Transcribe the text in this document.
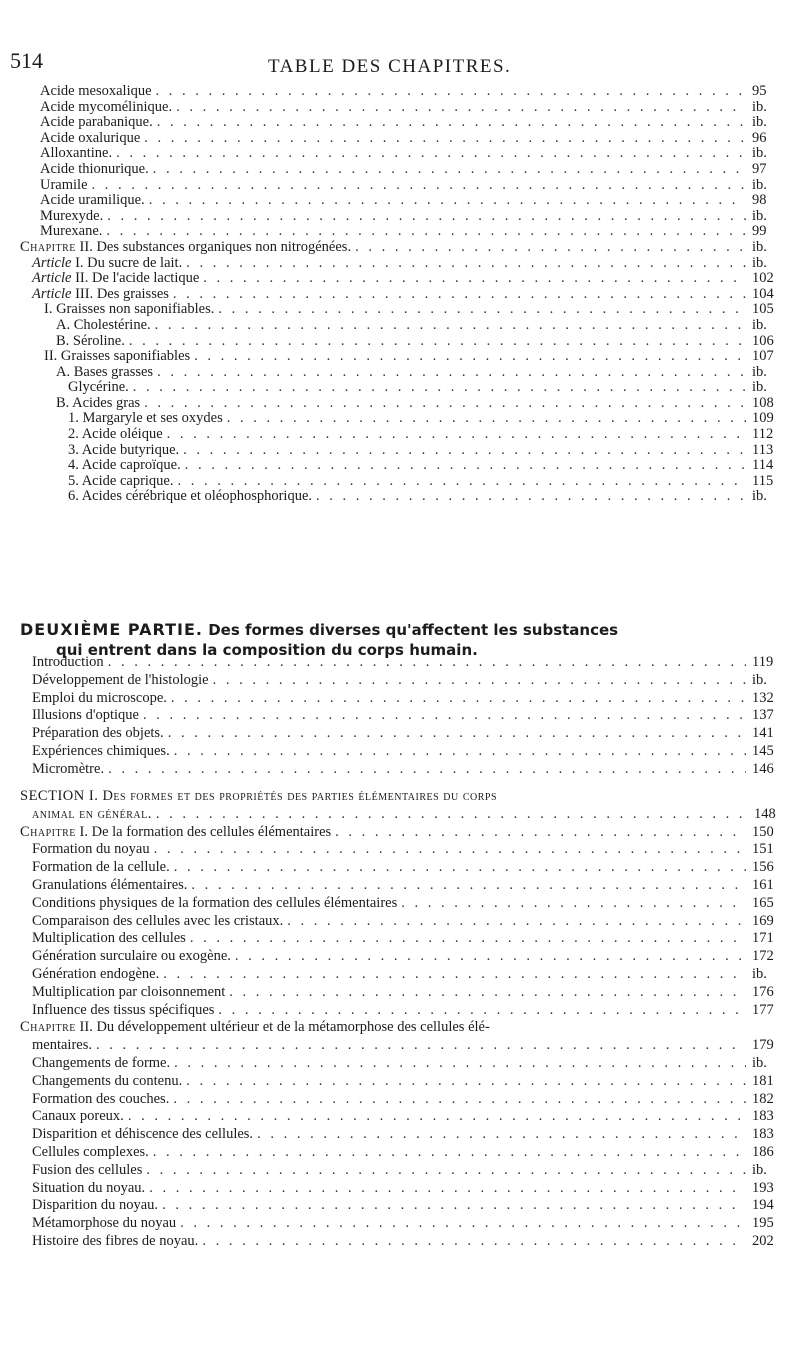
514	TABLE DES CHAPITRES.
Acide mesoxalique . . .	95
Acide mycomélinique. . . .	ib.
Acide parabanique. . . .	ib.
Acide oxalurique . . .	96
Alloxantine. . . .	ib.
Acide thionurique. . . .	97
Uramile . . .	ib.
Acide uramilique. . . .	98
Murexyde. . . .	ib.
Murexane. . . .	99
Chapitre II. Des substances organiques non nitrogénées. . . .	ib.
Article I. Du sucre de lait. . . .	ib.
Article II. De l'acide lactique . . .	102
Article III. Des graisses . . .	104
I. Graisses non saponifiables. . . .	105
A. Cholestérine. . . .	ib.
B. Séroline. . . .	106
II. Graisses saponifiables . . .	107
A. Bases grasses . . .	ib.
Glycérine. . . .	ib.
B. Acides gras . . .	108
1. Margaryle et ses oxydes . . .	109
2. Acide oléique . . .	112
3. Acide butyrique. . . .	113
4. Acide caproïque. . . .	114
5. Acide caprique. . . .	115
6. Acides cérébrique et oléophosphorique. . . .	ib.
DEUXIÈME PARTIE. Des formes diverses qu'affectent les substances
qui entrent dans la composition du corps humain.
Introduction . . .	119
Développement de l'histologie . . .	ib.
Emploi du microscope. . . .	132
Illusions d'optique . . .	137
Préparation des objets. . . .	141
Expériences chimiques. . . .	145
Micromètre. . . .	146
SECTION I. Des formes et des propriétés des parties élémentaires du corps
animal en général. . . .	148
Chapitre I. De la formation des cellules élémentaires . . .	150
Formation du noyau . . .	151
Formation de la cellule. . . .	156
Granulations élémentaires. . . .	161
Conditions physiques de la formation des cellules élémentaires . . .	165
Comparaison des cellules avec les cristaux. . . .	169
Multiplication des cellules . . .	171
Génération surculaire ou exogène. . . .	172
Génération endogène. . . .	ib.
Multiplication par cloisonnement . . .	176
Influence des tissus spécifiques . . .	177
Chapitre II. Du développement ultérieur et de la métamorphose des cellules élé-
mentaires. . . .	179
Changements de forme. . . .	ib.
Changements du contenu. . . .	181
Formation des couches. . . .	182
Canaux poreux. . . .	183
Disparition et déhiscence des cellules. . . .	183
Cellules complexes. . . .	186
Fusion des cellules . . .	ib.
Situation du noyau. . . .	193
Disparition du noyau. . . .	194
Métamorphose du noyau . . .	195
Histoire des fibres de noyau. . . .	202
